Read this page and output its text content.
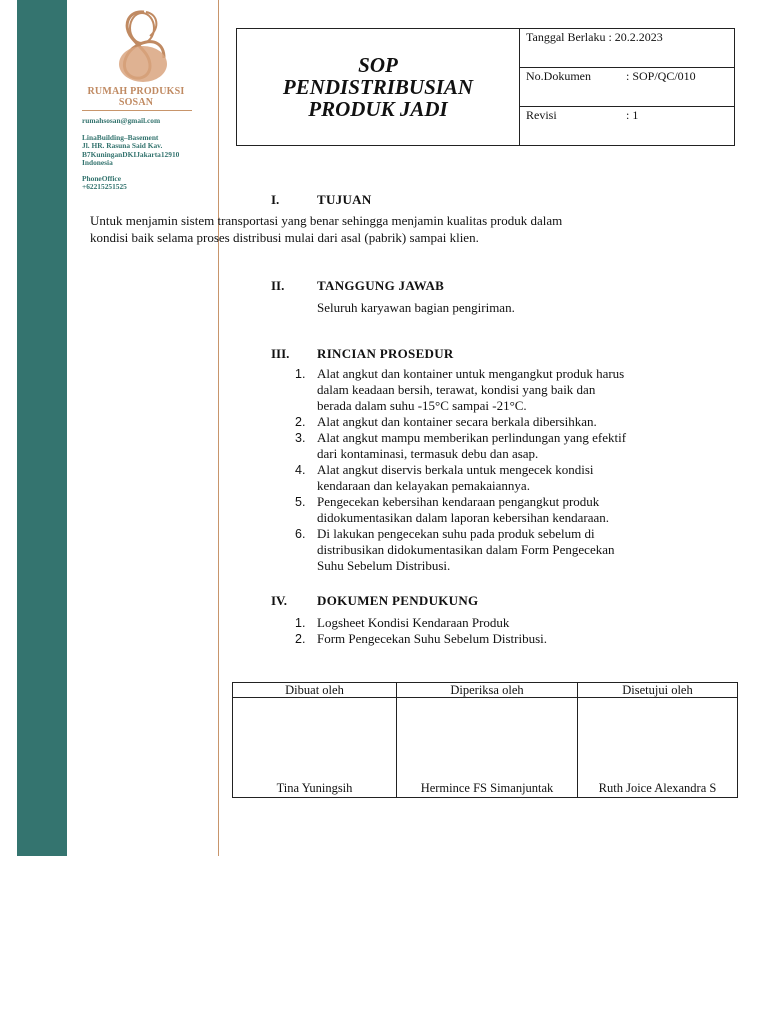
RUMAH PRODUKSI
SOSAN
rumahsosan@gmail.com
LinaBuilding–Basement
Jl. HR. Rasuna Said Kav.
B7KuninganDKIJakarta12910
Indonesia
PhoneOffice
+62215251525
SOP
PENDISTRIBUSIAN
PRODUK JADI

Tanggal Berlaku : 20.2.2023

No.Dokumen	: SOP/QC/010

Revisi	: 1
I.	TUJUAN
Untuk menjamin sistem transportasi yang benar sehingga menjamin kualitas produk dalam
kondisi baik selama proses distribusi mulai dari asal (pabrik) sampai klien.
II.	TANGGUNG JAWAB
Seluruh karyawan bagian pengiriman.
III. RINCIAN PROSEDUR
1. Alat angkut dan kontainer untuk mengangkut produk harus
dalam keadaan bersih, terawat, kondisi yang baik dan
berada dalam suhu -15°C sampai -21°C.
2. Alat angkut dan kontainer secara berkala dibersihkan.
3. Alat angkut mampu memberikan perlindungan yang efektif
dari kontaminasi, termasuk debu dan asap.
4. Alat angkut diservis berkala untuk mengecek kondisi
kendaraan dan kelayakan pemakaiannya.
5. Pengecekan kebersihan kendaraan pengangkut produk
didokumentasikan dalam laporan kebersihan kendaraan.
6. Di lakukan pengecekan suhu pada produk sebelum di
distribusikan didokumentasikan dalam Form Pengecekan
Suhu Sebelum Distribusi.
IV. DOKUMEN PENDUKUNG
1. Logsheet Kondisi Kendaraan Produk
2. Form Pengecekan Suhu Sebelum Distribusi.
Dibuat oleh	Diperiksa oleh	Disetujui oleh
Tina Yuningsih	Hermince FS Simanjuntak	Ruth Joice Alexandra S
